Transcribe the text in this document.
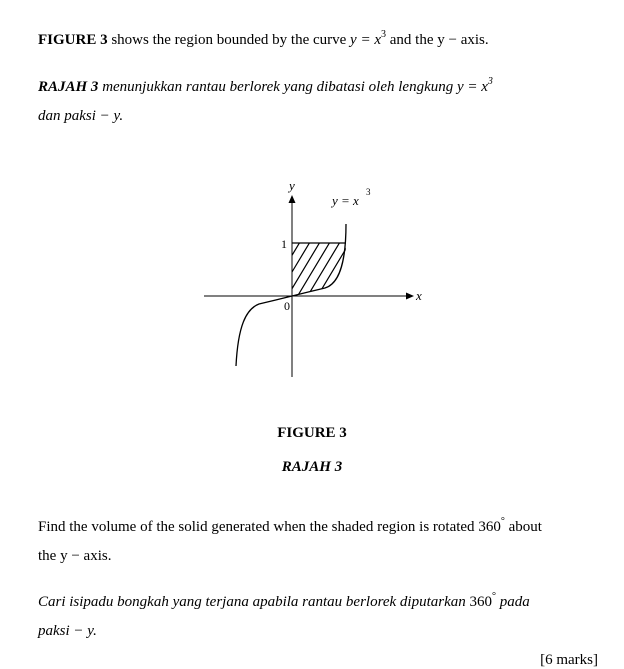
FIGURE 3 shows the region bounded by the curve $y = x^3$ and the y − axis.
RAJAH 3 menunjukkan rantau berlorek yang dibatasi oleh lengkung $y = x^3$
dan paksi − y.
y
x
y = x
3
1
0
FIGURE 3
RAJAH 3
Find the volume of the solid generated when the shaded region is rotated 360° about
the y − axis.
Cari isipadu bongkah yang terjana apabila rantau berlorek diputarkan 360° pada
paksi − y.
[6 marks]
